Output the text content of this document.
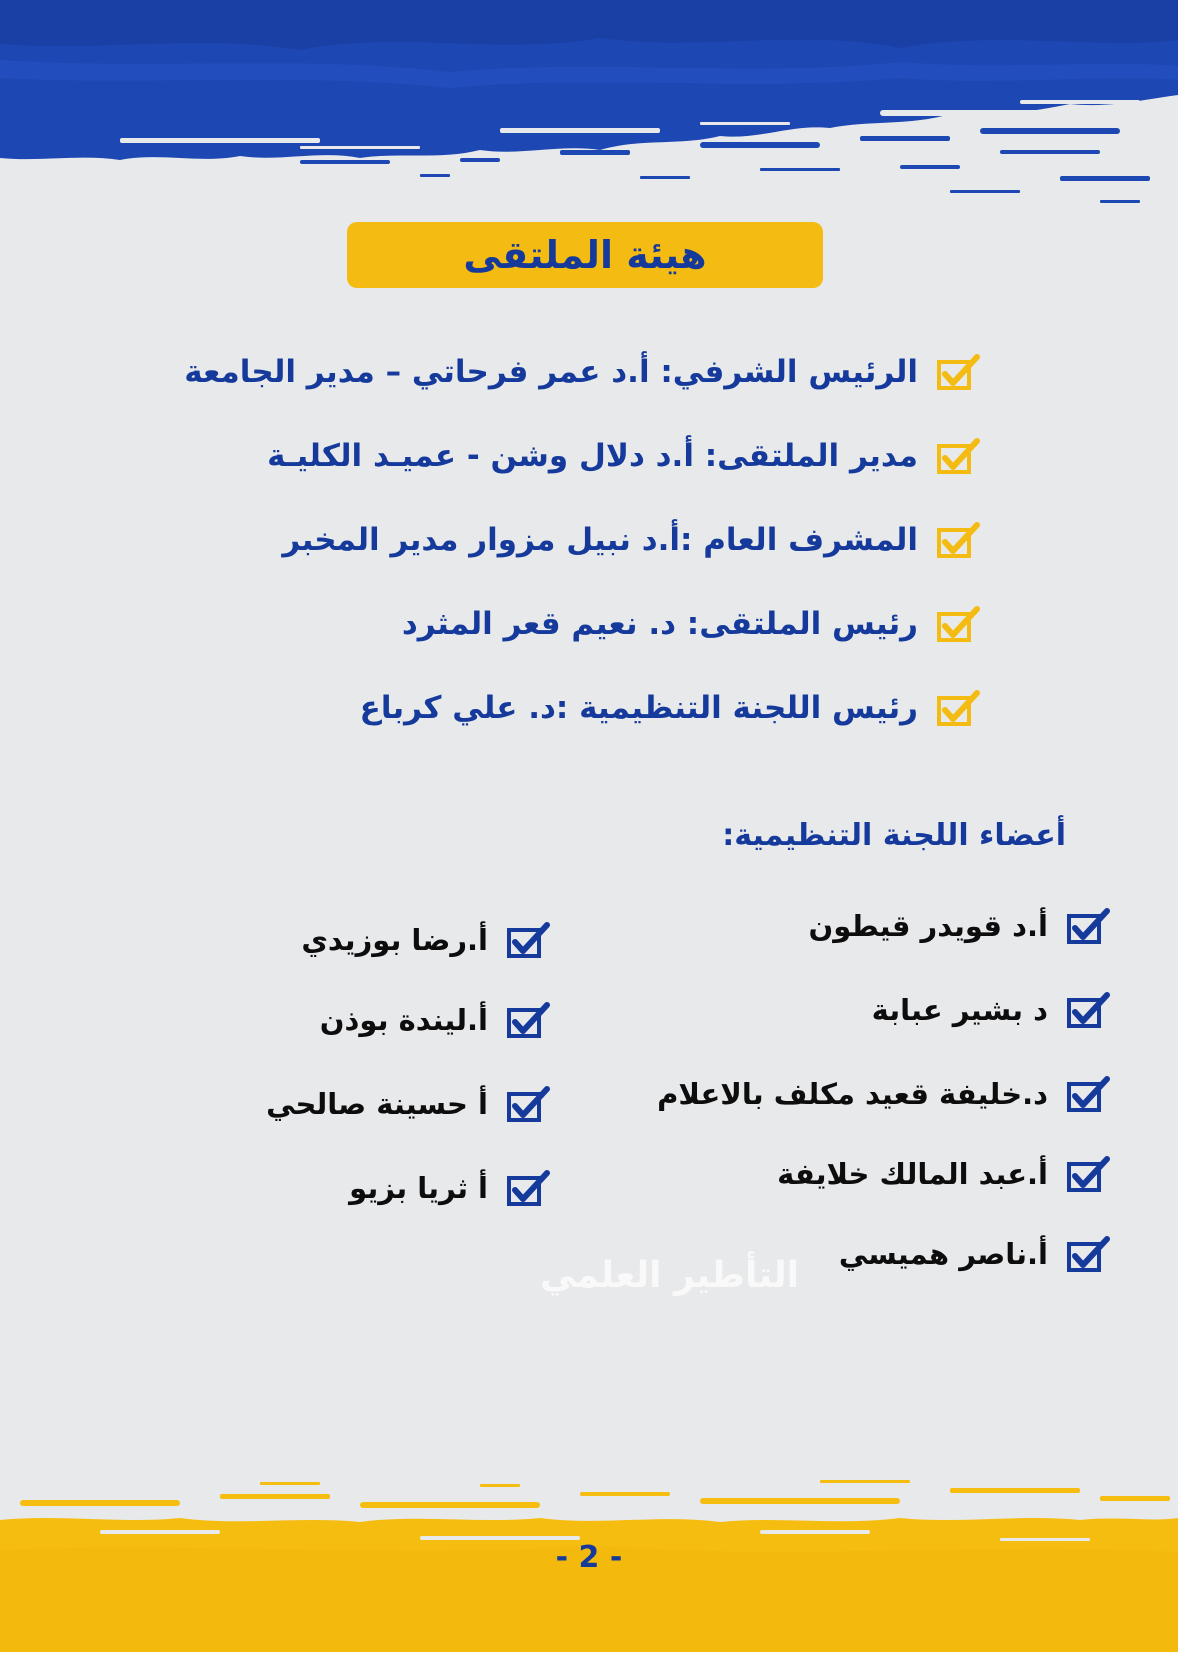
هيئة الملتقى
الرئيس الشرفي: أ.د عمر فرحاتي – مدير الجامعة
مدير الملتقى: أ.د دلال وشن - عميـد الكليـة
المشرف العام :أ.د نبيل مزوار مدير المخبر
رئيس الملتقى: د. نعيم قعر المثرد
رئيس اللجنة التنظيمية :د. علي كرباع
أعضاء اللجنة التنظيمية:
أ.د قويدر قيطون
د بشير عبابة
د.خليفة قعيد مكلف بالاعلام
أ.عبد المالك خلايفة
أ.ناصر هميسي
أ.رضا بوزيدي
أ.ليندة بوذن
أ حسينة صالحي
أ ثريا بزيو
التأطير العلمي
- 2 -
